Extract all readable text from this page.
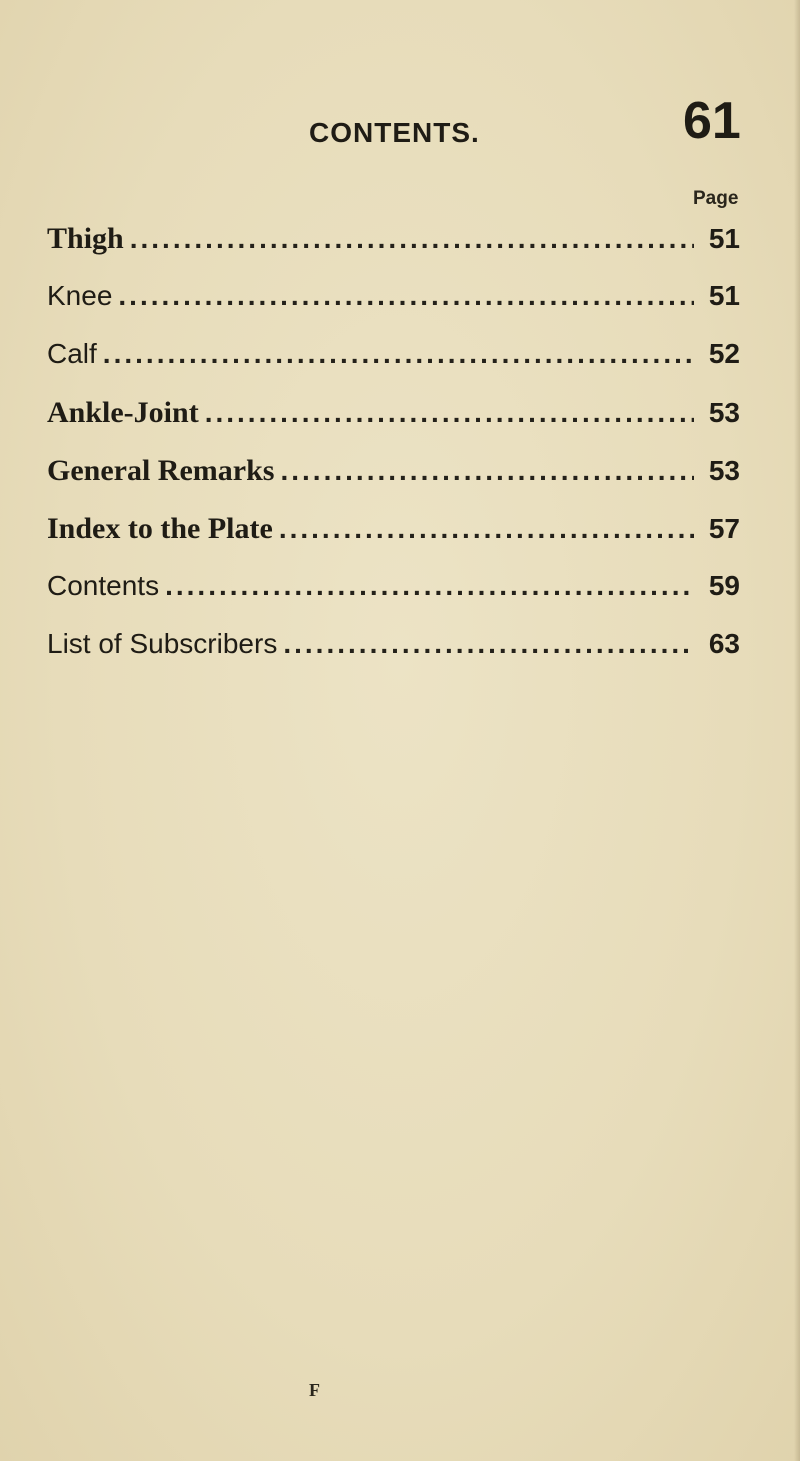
CONTENTS.	61
Page
Thigh .....	51
Knee .....	51
Calf .....	52
Ankle-Joint .....	53
General Remarks .....	53
Index to the Plate .....	57
Contents .....	59
List of Subscribers .....	63
F
